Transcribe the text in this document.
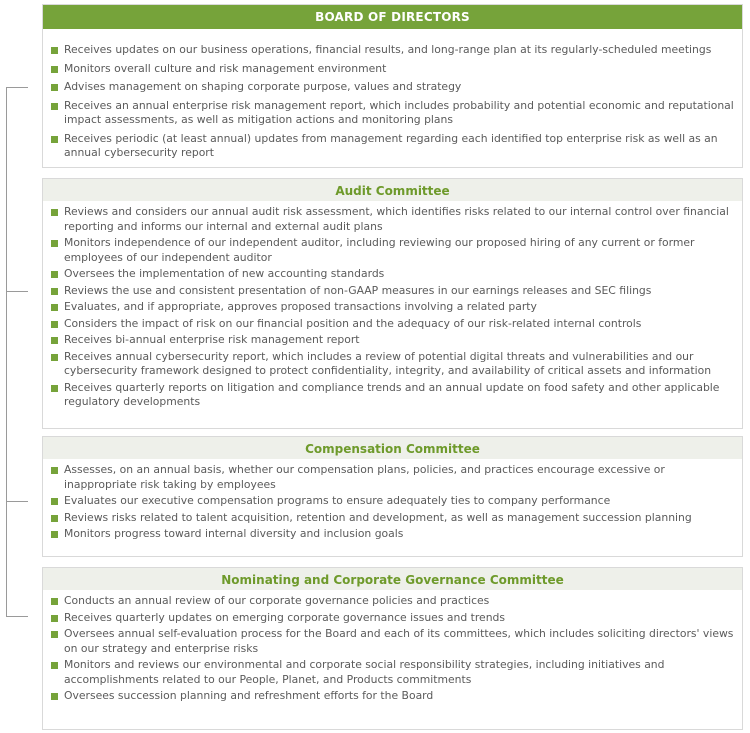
BOARD OF DIRECTORS
Receives updates on our business operations, financial results, and long-range plan at its regularly-scheduled meetings
Monitors overall culture and risk management environment
Advises management on shaping corporate purpose, values and strategy
Receives an annual enterprise risk management report, which includes probability and potential economic and reputational impact assessments, as well as mitigation actions and monitoring plans
Receives periodic (at least annual) updates from management regarding each identified top enterprise risk as well as an annual cybersecurity report
Audit Committee
Reviews and considers our annual audit risk assessment, which identifies risks related to our internal control over financial reporting and informs our internal and external audit plans
Monitors independence of our independent auditor, including reviewing our proposed hiring of any current or former employees of our independent auditor
Oversees the implementation of new accounting standards
Reviews the use and consistent presentation of non-GAAP measures in our earnings releases and SEC filings
Evaluates, and if appropriate, approves proposed transactions involving a related party
Considers the impact of risk on our financial position and the adequacy of our risk-related internal controls
Receives bi-annual enterprise risk management report
Receives annual cybersecurity report, which includes a review of potential digital threats and vulnerabilities and our cybersecurity framework designed to protect confidentiality, integrity, and availability of critical assets and information
Receives quarterly reports on litigation and compliance trends and an annual update on food safety and other applicable regulatory developments
Compensation Committee
Assesses, on an annual basis, whether our compensation plans, policies, and practices encourage excessive or inappropriate risk taking by employees
Evaluates our executive compensation programs to ensure adequately ties to company performance
Reviews risks related to talent acquisition, retention and development, as well as management succession planning
Monitors progress toward internal diversity and inclusion goals
Nominating and Corporate Governance Committee
Conducts an annual review of our corporate governance policies and practices
Receives quarterly updates on emerging corporate governance issues and trends
Oversees annual self-evaluation process for the Board and each of its committees, which includes soliciting directors' views on our strategy and enterprise risks
Monitors and reviews our environmental and corporate social responsibility strategies, including initiatives and accomplishments related to our People, Planet, and Products commitments
Oversees succession planning and refreshment efforts for the Board
